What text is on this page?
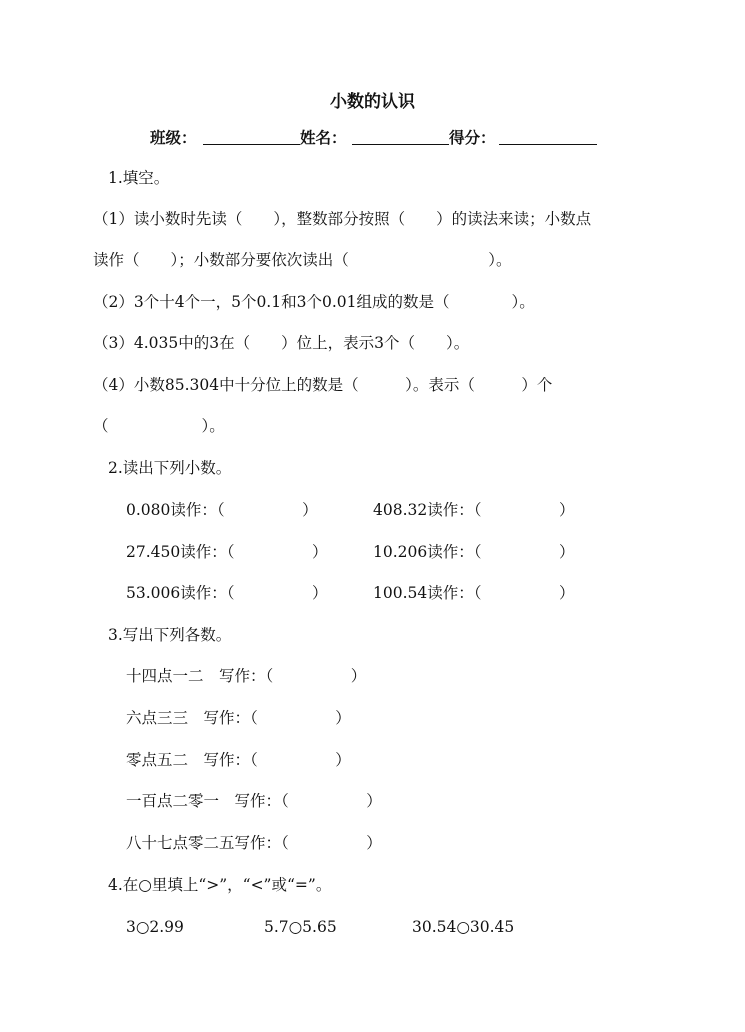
小数的认识
班级：	姓名：	得分：
1.填空。
（1）读小数时先读（　　），整数部分按照（　　）的读法来读；小数点
读作（　　）；小数部分要依次读出（　　　　　　　　　）。
（2）3个十4个一，5个0.1和3个0.01组成的数是（　　　　）。
（3）4.035中的3在（　　）位上，表示3个（　　）。
（4）小数85.304中十分位上的数是（　　　）。表示（　　　）个
（　　　　　　）。
2.读出下列小数。
0.080读作：（　　　　　）	408.32读作：（　　　　　）
27.450读作：（　　　　　）	10.206读作：（　　　　　）
53.006读作：（　　　　　）	100.54读作：（　　　　　）
3.写出下列各数。
十四点一二　写作：（　　　　　）
六点三三　写作：（　　　　　）
零点五二　写作：（　　　　　）
一百点二零一　写作：（　　　　　）
八十七点零二五写作：（　　　　　）
4.在○里填上“>”，“<”或“=”。
3○2.99	5.7○5.65	30.54○30.45
